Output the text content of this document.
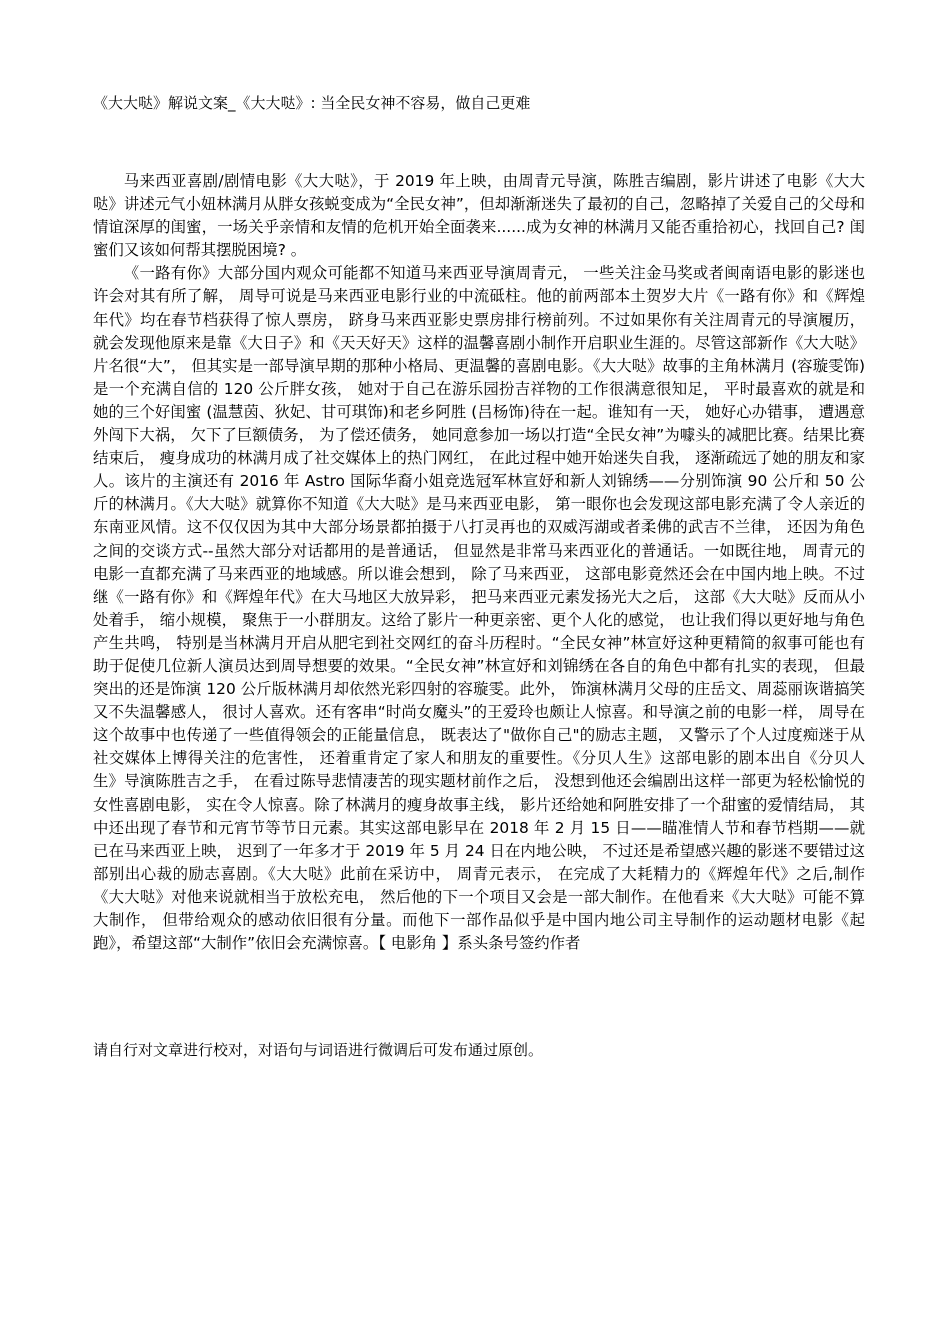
《大大哒》解说文案_《大大哒》: 当全民女神不容易，做自己更难

马来西亚喜剧/剧情电影《大大哒》，于 2019 年上映，由周青元导演，陈胜吉编剧，影片讲述了电影《大大哒》讲述元气小妞林满月从胖女孩蜕变成为“全民女神”，但却渐渐迷失了最初的自己，忽略掉了关爱自己的父母和情谊深厚的闺蜜，一场关乎亲情和友情的危机开始全面袭来......成为女神的林满月又能否重拾初心，找回自己? 闺蜜们又该如何帮其摆脱困境? 。

《一路有你》大部分国内观众可能都不知道马来西亚导演周青元， 一些关注金马奖或者闽南语电影的影迷也许会对其有所了解， 周导可说是马来西亚电影行业的中流砥柱。他的前两部本土贺岁大片《一路有你》和《辉煌年代》均在春节档获得了惊人票房， 跻身马来西亚影史票房排行榜前列。不过如果你有关注周青元的导演履历， 就会发现他原来是靠《大日子》和《天天好天》这样的温馨喜剧小制作开启职业生涯的。尽管这部新作《大大哒》片名很“大”， 但其实是一部导演早期的那种小格局、更温馨的喜剧电影。《大大哒》故事的主角林满月 (容璇雯饰)是一个充满自信的 120 公斤胖女孩， 她对于自己在游乐园扮吉祥物的工作很满意很知足， 平时最喜欢的就是和她的三个好闺蜜 (温慧茵、狄妃、甘可琪饰)和老乡阿胜 (吕杨饰)待在一起。谁知有一天， 她好心办错事， 遭遇意外闯下大祸， 欠下了巨额债务， 为了偿还债务， 她同意参加一场以打造“全民女神”为噱头的减肥比赛。结果比赛结束后， 瘦身成功的林满月成了社交媒体上的热门网红， 在此过程中她开始迷失自我， 逐渐疏远了她的朋友和家人。该片的主演还有 2016 年 Astro 国际华裔小姐竞选冠军林宣妤和新人刘锦绣——分别饰演 90 公斤和 50 公斤的林满月。《大大哒》就算你不知道《大大哒》是马来西亚电影， 第一眼你也会发现这部电影充满了令人亲近的东南亚风情。这不仅仅因为其中大部分场景都拍摄于八打灵再也的双威泻湖或者柔佛的武吉不兰律， 还因为角色之间的交谈方式--虽然大部分对话都用的是普通话， 但显然是非常马来西亚化的普通话。一如既往地， 周青元的电影一直都充满了马来西亚的地域感。所以谁会想到， 除了马来西亚， 这部电影竟然还会在中国内地上映。不过继《一路有你》和《辉煌年代》在大马地区大放异彩， 把马来西亚元素发扬光大之后， 这部《大大哒》反而从小处着手， 缩小规模， 聚焦于一小群朋友。这给了影片一种更亲密、更个人化的感觉， 也让我们得以更好地与角色产生共鸣， 特别是当林满月开启从肥宅到社交网红的奋斗历程时。“全民女神”林宣妤这种更精简的叙事可能也有助于促使几位新人演员达到周导想要的效果。“全民女神”林宣妤和刘锦绣在各自的角色中都有扎实的表现， 但最突出的还是饰演 120 公斤版林满月却依然光彩四射的容璇雯。此外， 饰演林满月父母的庄岳文、周蕊丽诙谐搞笑又不失温馨感人， 很讨人喜欢。还有客串“时尚女魔头”的王爱玲也颇让人惊喜。和导演之前的电影一样， 周导在这个故事中也传递了一些值得领会的正能量信息， 既表达了"做你自己"的励志主题， 又警示了个人过度痴迷于从社交媒体上博得关注的危害性， 还着重肯定了家人和朋友的重要性。《分贝人生》这部电影的剧本出自《分贝人生》导演陈胜吉之手， 在看过陈导悲情凄苦的现实题材前作之后， 没想到他还会编剧出这样一部更为轻松愉悦的女性喜剧电影， 实在令人惊喜。除了林满月的瘦身故事主线， 影片还给她和阿胜安排了一个甜蜜的爱情结局， 其中还出现了春节和元宵节等节日元素。其实这部电影早在 2018 年 2 月 15 日——瞄准情人节和春节档期——就已在马来西亚上映， 迟到了一年多才于 2019 年 5 月 24 日在内地公映， 不过还是希望感兴趣的影迷不要错过这部别出心裁的励志喜剧。《大大哒》此前在采访中， 周青元表示， 在完成了大耗精力的《辉煌年代》之后,制作《大大哒》对他来说就相当于放松充电， 然后他的下一个项目又会是一部大制作。在他看来《大大哒》可能不算大制作， 但带给观众的感动依旧很有分量。而他下一部作品似乎是中国内地公司主导制作的运动题材电影《起跑》，希望这部“大制作”依旧会充满惊喜。【 电影角 】系头条号签约作者

请自行对文章进行校对，对语句与词语进行微调后可发布通过原创。
